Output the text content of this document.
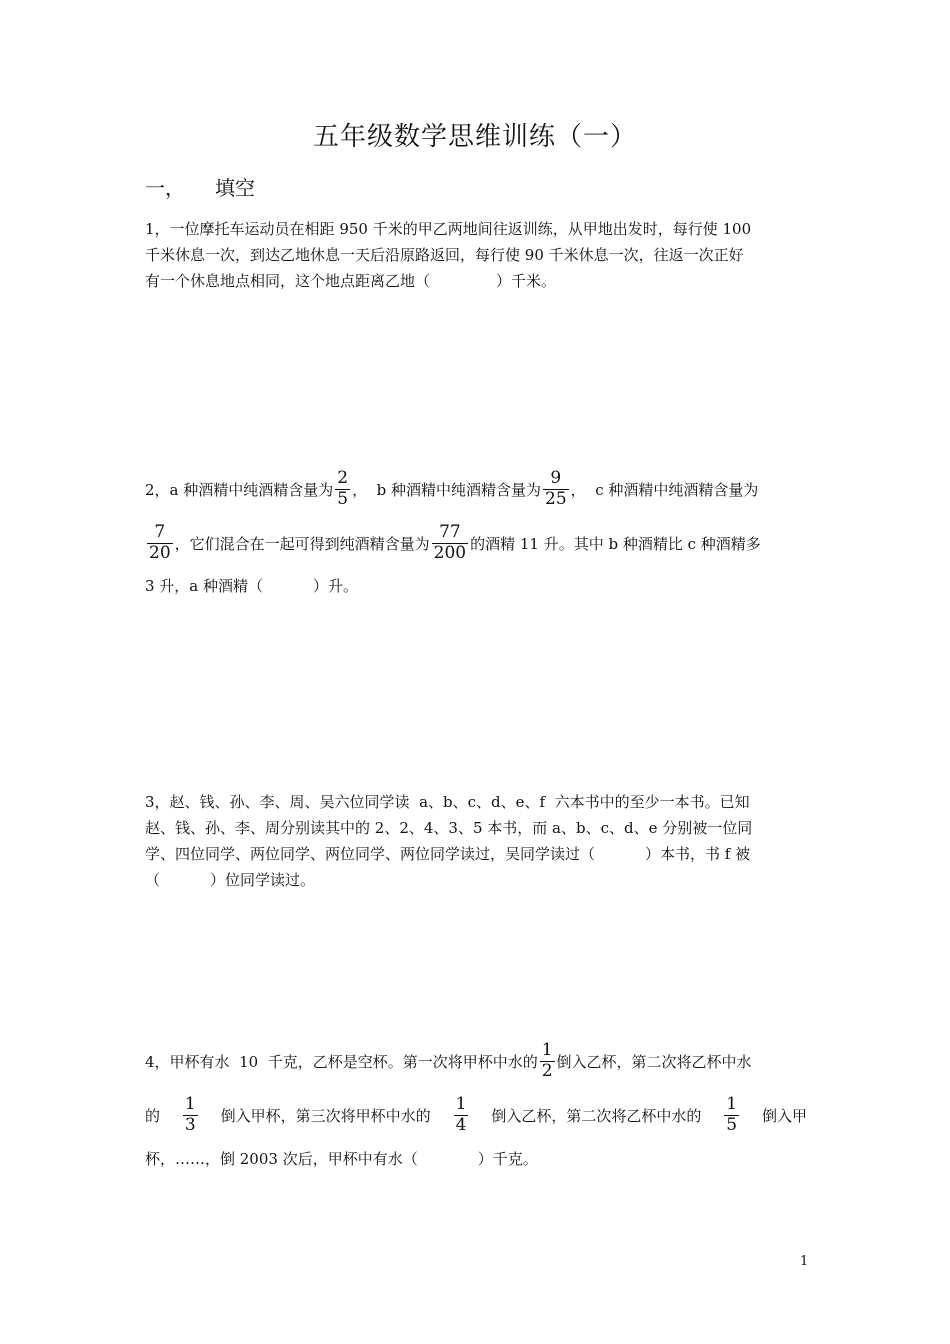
五年级数学思维训练（一）
一， 填空
1，一位摩托车运动员在相距 950 千米的甲乙两地间往返训练，从甲地出发时，每行使 100
千米休息一次，到达乙地休息一天后沿原路返回，每行使 90 千米休息一次，往返一次正好
有一个休息地点相同，这个地点距离乙地（	）千米。
2，a 种酒精中纯酒精含量为 $\frac{2}{5}$ ，  b 种酒精中纯酒精含量为 $\frac{9}{25}$ ，  c 种酒精中纯酒精含量为
$\frac{7}{20}$ ，它们混合在一起可得到纯酒精含量为 $\frac{77}{200}$ 的酒精 11 升。其中 b 种酒精比 c 种酒精多
3 升，a 种酒精（	）升。
3，赵、钱、孙、李、周、吴六位同学读  a、b、c、d、e、f  六本书中的至少一本书。已知
赵、钱、孙、李、周分别读其中的 2、2、4、3、5 本书，而 a、b、c、d、e 分别被一位同
学、四位同学、两位同学、两位同学、两位同学读过，吴同学读过（	）本书，书 f 被
（	）位同学读过。
4，甲杯有水  10  千克，乙杯是空杯。第一次将甲杯中水的 $\frac{1}{2}$ 倒入乙杯，第二次将乙杯中水
的 $\frac{1}{3}$ 倒入甲杯，第三次将甲杯中水的 $\frac{1}{4}$ 倒入乙杯，第二次将乙杯中水的 $\frac{1}{5}$ 倒入甲
杯，……，倒 2003 次后，甲杯中有水（	）千克。
1
